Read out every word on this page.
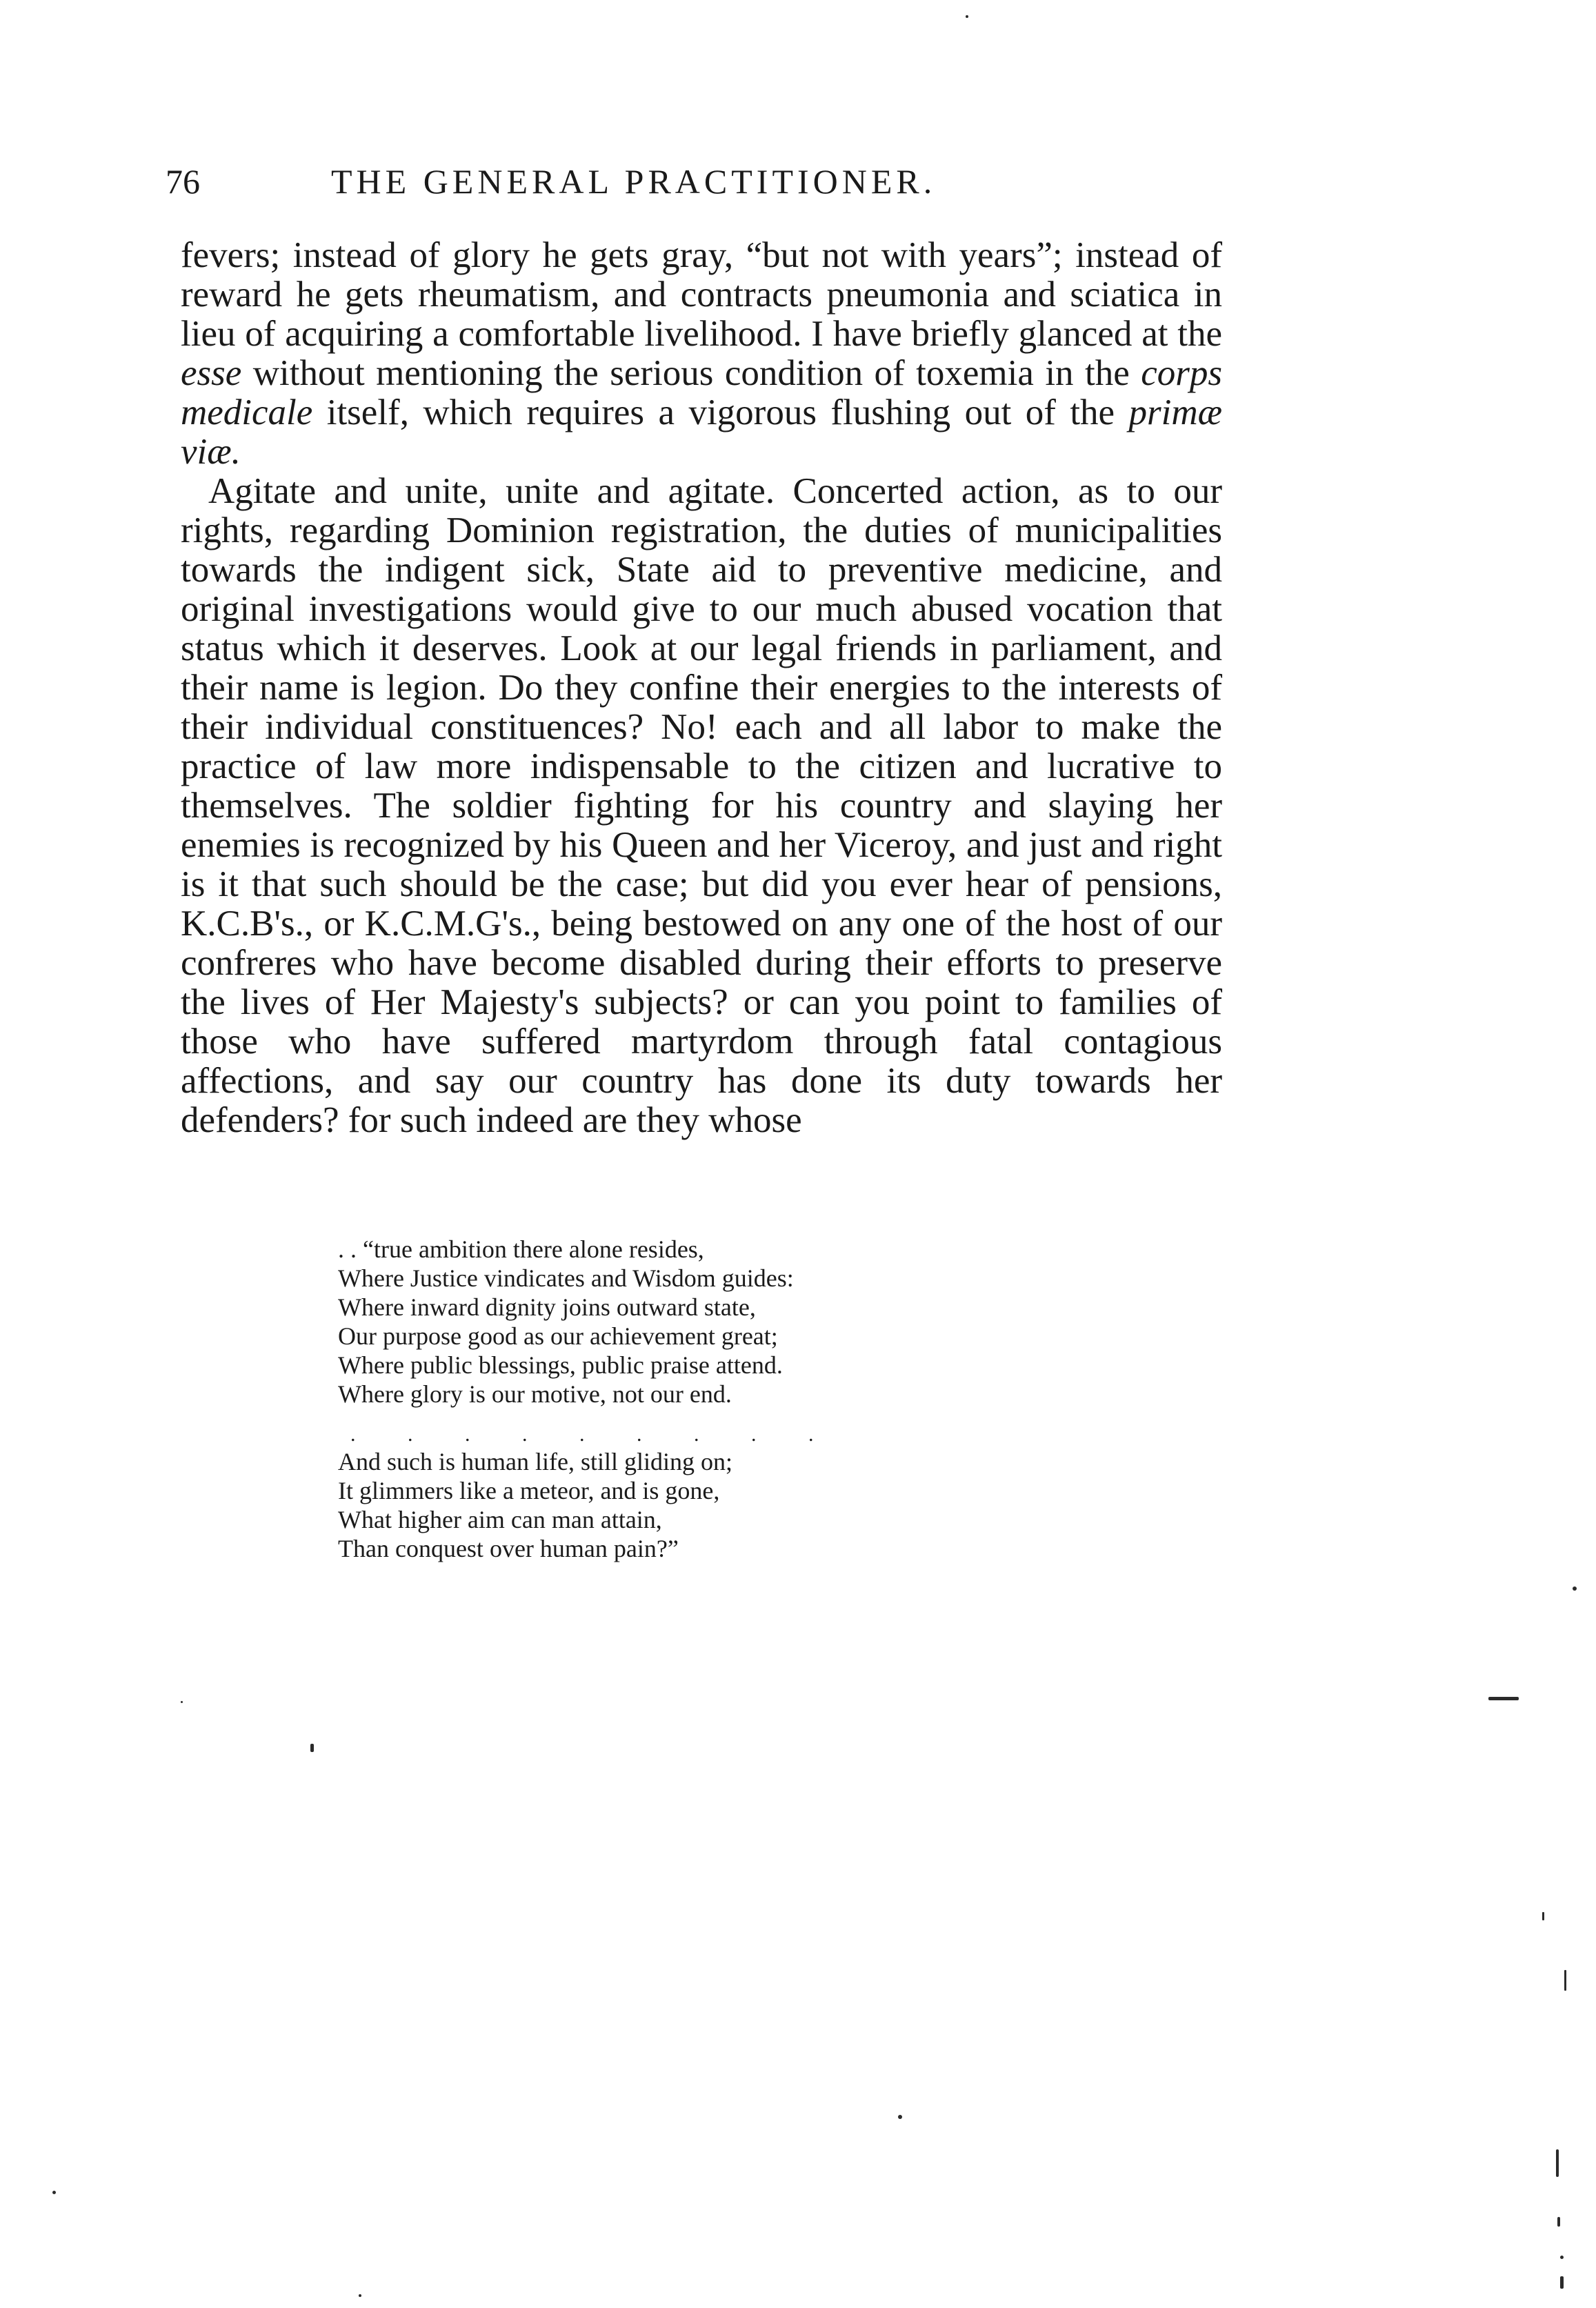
76	THE GENERAL PRACTITIONER.

fevers; instead of glory he gets gray, “but not with years”; instead of reward he gets rheumatism, and contracts pneumonia and sciatica in lieu of acquiring a comfortable livelihood. I have briefly glanced at the esse without mentioning the serious condition of toxemia in the corps medicale itself, which requires a vigorous flushing out of the primæ viæ.

Agitate and unite, unite and agitate. Concerted action, as to our rights, regarding Dominion registration, the duties of municipalities towards the indigent sick, State aid to preventive medicine, and original investigations would give to our much abused vocation that status which it deserves. Look at our legal friends in parliament, and their name is legion. Do they confine their energies to the interests of their individual constituences? No! each and all labor to make the practice of law more indispensable to the citizen and lucrative to themselves. The soldier fighting for his country and slaying her enemies is recognized by his Queen and her Viceroy, and just and right is it that such should be the case; but did you ever hear of pensions, K.C.B's., or K.C.M.G's., being bestowed on any one of the host of our confreres who have become disabled during their efforts to preserve the lives of Her Majesty's subjects? or can you point to families of those who have suffered martyrdom through fatal contagious affections, and say our country has done its duty towards her defenders? for such indeed are they whose

. . “true ambition there alone resides,
Where Justice vindicates and Wisdom guides:
Where inward dignity joins outward state,
Our purpose good as our achievement great;
Where public blessings, public praise attend.
Where glory is our motive, not our end.
. . . . . . . . .
And such is human life, still gliding on;
It glimmers like a meteor, and is gone,
What higher aim can man attain,
Than conquest over human pain?”
